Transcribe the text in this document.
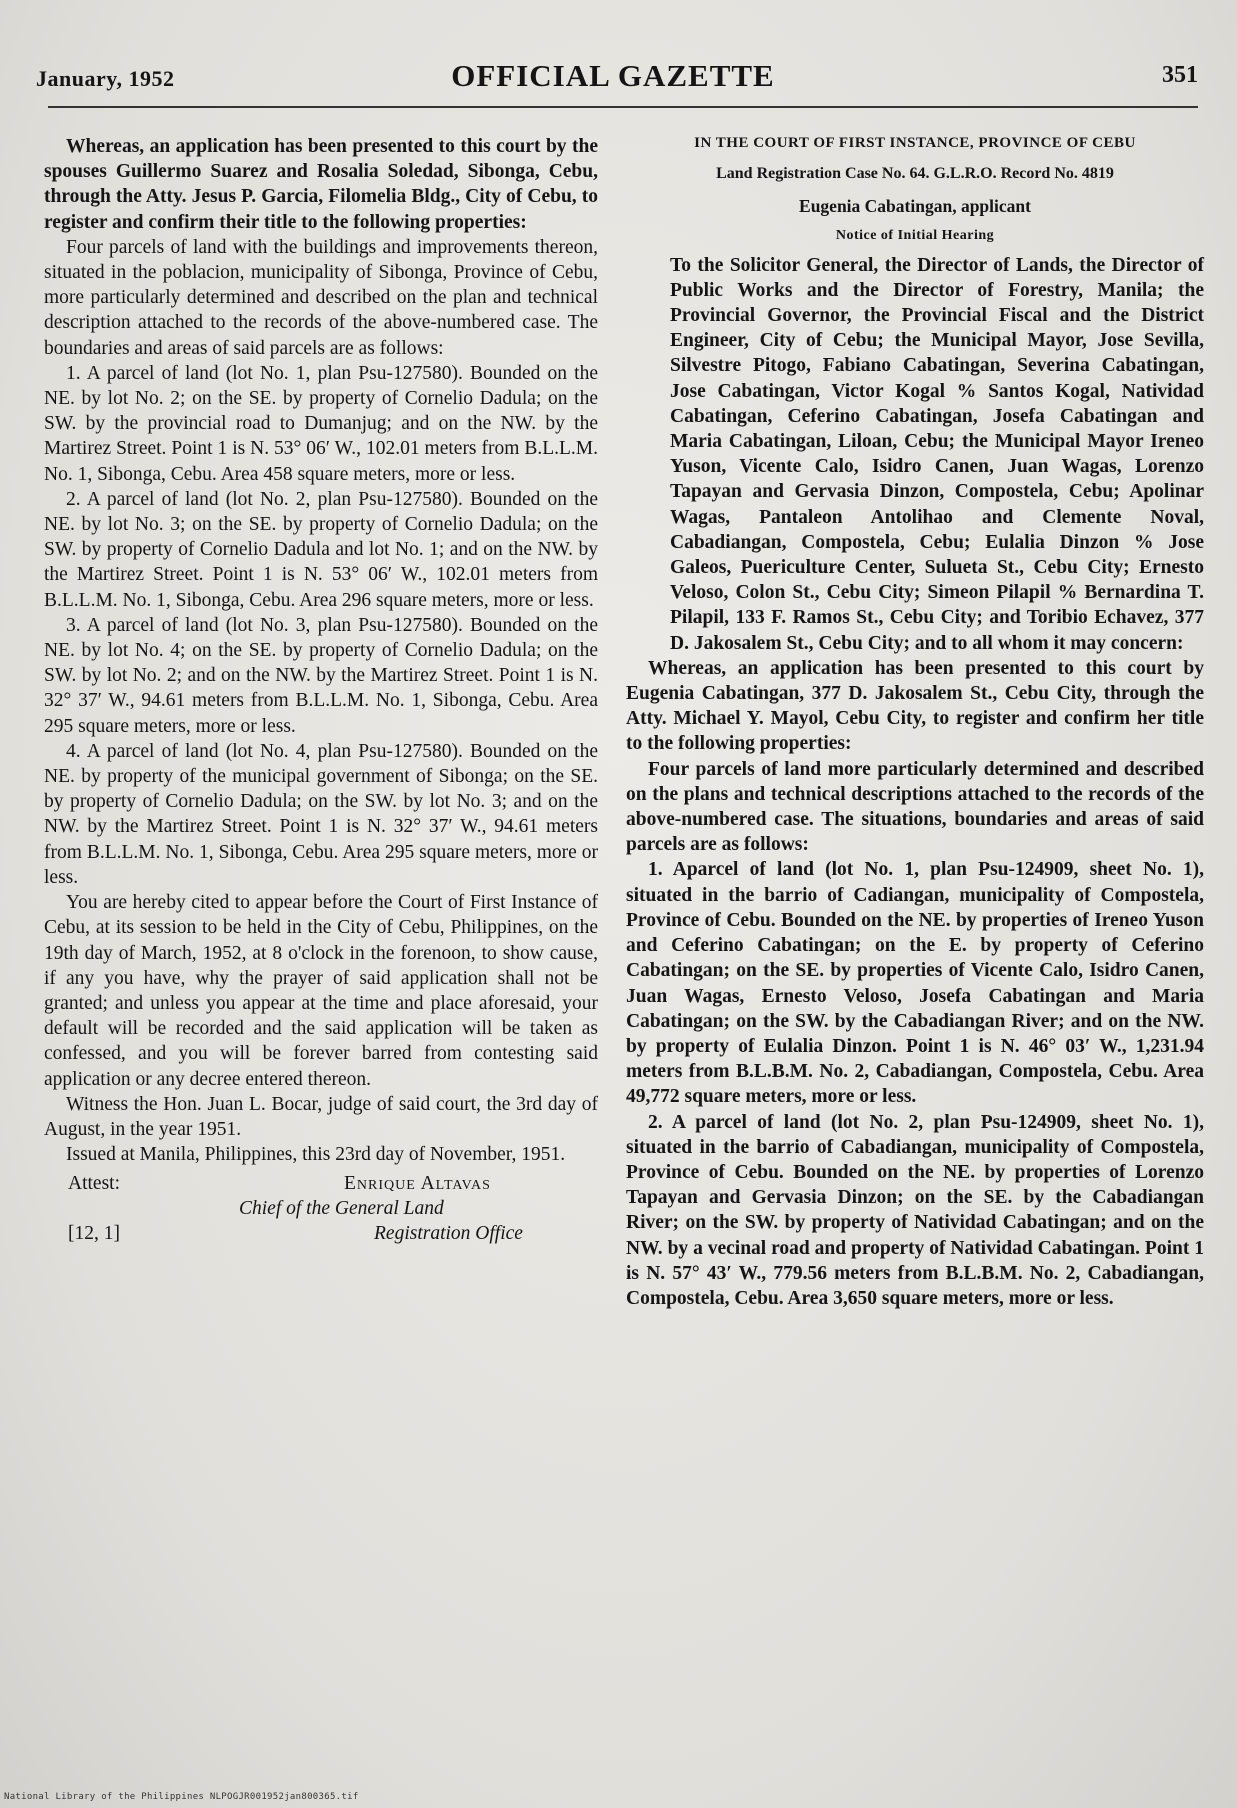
January, 1952	OFFICIAL GAZETTE	351

Whereas, an application has been presented to this court by the spouses Guillermo Suarez and Rosalia Soledad, Sibonga, Cebu, through the Atty. Jesus P. Garcia, Filomelia Bldg., City of Cebu, to register and confirm their title to the following properties:

Four parcels of land with the buildings and improvements thereon, situated in the poblacion, municipality of Sibonga, Province of Cebu, more particularly determined and described on the plan and technical description attached to the records of the above-numbered case. The boundaries and areas of said parcels are as follows:

1. A parcel of land (lot No. 1, plan Psu-127580). Bounded on the NE. by lot No. 2; on the SE. by property of Cornelio Dadula; on the SW. by the provincial road to Dumanjug; and on the NW. by the Martirez Street. Point 1 is N. 53° 06′ W., 102.01 meters from B.L.L.M. No. 1, Sibonga, Cebu. Area 458 square meters, more or less.

2. A parcel of land (lot No. 2, plan Psu-127580). Bounded on the NE. by lot No. 3; on the SE. by property of Cornelio Dadula; on the SW. by property of Cornelio Dadula and lot No. 1; and on the NW. by the Martirez Street. Point 1 is N. 53° 06′ W., 102.01 meters from B.L.L.M. No. 1, Sibonga, Cebu. Area 296 square meters, more or less.

3. A parcel of land (lot No. 3, plan Psu-127580). Bounded on the NE. by lot No. 4; on the SE. by property of Cornelio Dadula; on the SW. by lot No. 2; and on the NW. by the Martirez Street. Point 1 is N. 32° 37′ W., 94.61 meters from B.L.L.M. No. 1, Sibonga, Cebu. Area 295 square meters, more or less.

4. A parcel of land (lot No. 4, plan Psu-127580). Bounded on the NE. by property of the municipal government of Sibonga; on the SE. by property of Cornelio Dadula; on the SW. by lot No. 3; and on the NW. by the Martirez Street. Point 1 is N. 32° 37′ W., 94.61 meters from B.L.L.M. No. 1, Sibonga, Cebu. Area 295 square meters, more or less.

You are hereby cited to appear before the Court of First Instance of Cebu, at its session to be held in the City of Cebu, Philippines, on the 19th day of March, 1952, at 8 o'clock in the forenoon, to show cause, if any you have, why the prayer of said application shall not be granted; and unless you appear at the time and place aforesaid, your default will be recorded and the said application will be taken as confessed, and you will be forever barred from contesting said application or any decree entered thereon.

Witness the Hon. Juan L. Bocar, judge of said court, the 3rd day of August, in the year 1951.

Issued at Manila, Philippines, this 23rd day of November, 1951.

Attest:	Enrique Altavas
Chief of the General Land
[12, 1]	Registration Office
IN THE COURT OF FIRST INSTANCE, PROVINCE OF CEBU
Land Registration Case No. 64. G.L.R.O. Record No. 4819
Eugenia Cabatingan, applicant
Notice of Initial Hearing

To the Solicitor General, the Director of Lands, the Director of Public Works and the Director of Forestry, Manila; the Provincial Governor, the Provincial Fiscal and the District Engineer, City of Cebu; the Municipal Mayor, Jose Sevilla, Silvestre Pitogo, Fabiano Cabatingan, Severina Cabatingan, Jose Cabatingan, Victor Kogal % Santos Kogal, Natividad Cabatingan, Ceferino Cabatingan, Josefa Cabatingan and Maria Cabatingan, Liloan, Cebu; the Municipal Mayor Ireneo Yuson, Vicente Calo, Isidro Canen, Juan Wagas, Lorenzo Tapayan and Gervasia Dinzon, Compostela, Cebu; Apolinar Wagas, Pantaleon Antolihao and Clemente Noval, Cabadiangan, Compostela, Cebu; Eulalia Dinzon % Jose Galeos, Puericulture Center, Sulueta St., Cebu City; Ernesto Veloso, Colon St., Cebu City; Simeon Pilapil % Bernardina T. Pilapil, 133 F. Ramos St., Cebu City; and Toribio Echavez, 377 D. Jakosalem St., Cebu City; and to all whom it may concern:

Whereas, an application has been presented to this court by Eugenia Cabatingan, 377 D. Jakosalem St., Cebu City, through the Atty. Michael Y. Mayol, Cebu City, to register and confirm her title to the following properties:

Four parcels of land more particularly determined and described on the plans and technical descriptions attached to the records of the above-numbered case. The situations, boundaries and areas of said parcels are as follows:

1. Aparcel of land (lot No. 1, plan Psu-124909, sheet No. 1), situated in the barrio of Cadiangan, municipality of Compostela, Province of Cebu. Bounded on the NE. by properties of Ireneo Yuson and Ceferino Cabatingan; on the E. by property of Ceferino Cabatingan; on the SE. by properties of Vicente Calo, Isidro Canen, Juan Wagas, Ernesto Veloso, Josefa Cabatingan and Maria Cabatingan; on the SW. by the Cabadiangan River; and on the NW. by property of Eulalia Dinzon. Point 1 is N. 46° 03′ W., 1,231.94 meters from B.L.B.M. No. 2, Cabadiangan, Compostela, Cebu. Area 49,772 square meters, more or less.

2. A parcel of land (lot No. 2, plan Psu-124909, sheet No. 1), situated in the barrio of Cabadiangan, municipality of Compostela, Province of Cebu. Bounded on the NE. by properties of Lorenzo Tapayan and Gervasia Dinzon; on the SE. by the Cabadiangan River; on the SW. by property of Natividad Cabatingan; and on the NW. by a vecinal road and property of Natividad Cabatingan. Point 1 is N. 57° 43′ W., 779.56 meters from B.L.B.M. No. 2, Cabadiangan, Compostela, Cebu. Area 3,650 square meters, more or less.

National Library of the Philippines NLPOGJR001952jan800365.tif
